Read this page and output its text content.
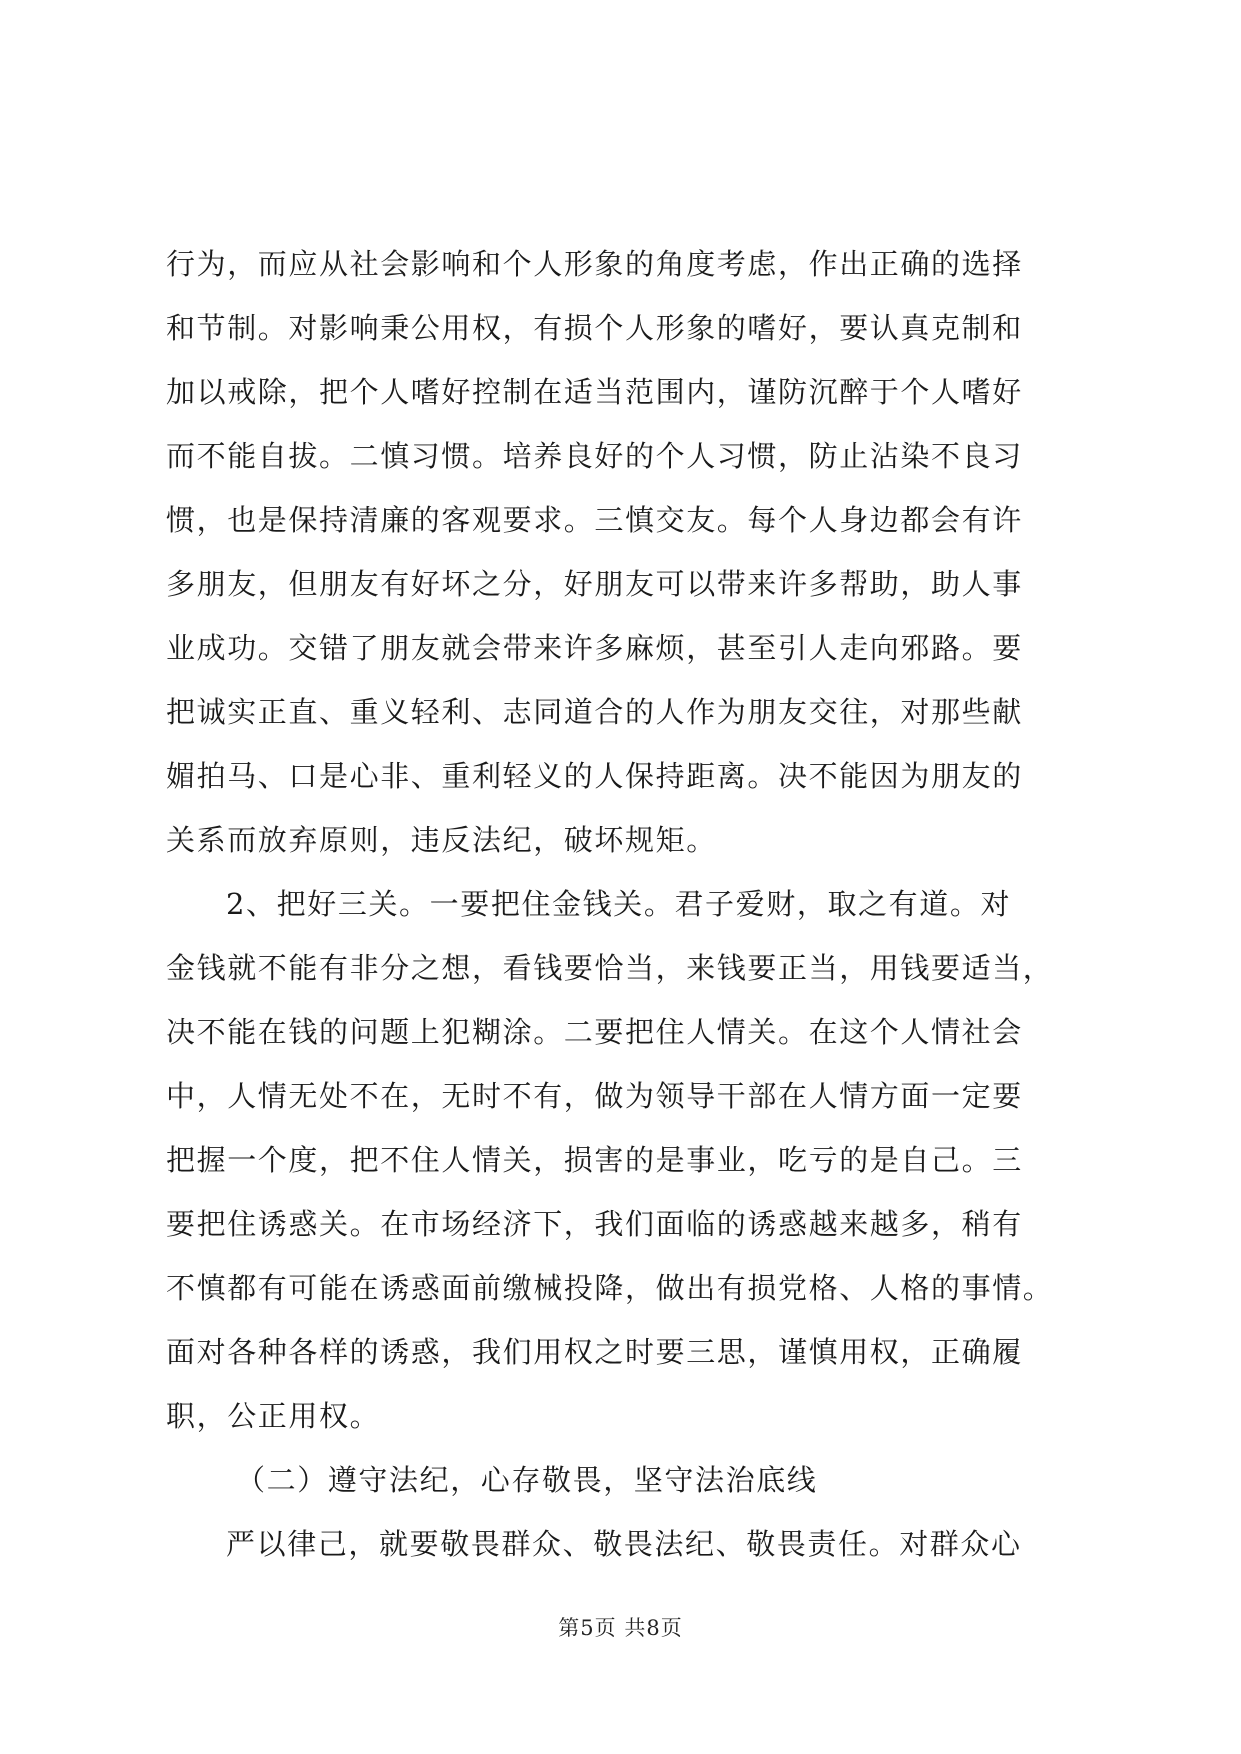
行为，而应从社会影响和个人形象的角度考虑，作出正确的选择
和节制。对影响秉公用权，有损个人形象的嗜好，要认真克制和
加以戒除，把个人嗜好控制在适当范围内，谨防沉醉于个人嗜好
而不能自拔。二慎习惯。培养良好的个人习惯，防止沾染不良习
惯，也是保持清廉的客观要求。三慎交友。每个人身边都会有许
多朋友，但朋友有好坏之分，好朋友可以带来许多帮助，助人事
业成功。交错了朋友就会带来许多麻烦，甚至引人走向邪路。要
把诚实正直、重义轻利、志同道合的人作为朋友交往，对那些献
媚拍马、口是心非、重利轻义的人保持距离。决不能因为朋友的
关系而放弃原则，违反法纪，破坏规矩。
2、把好三关。一要把住金钱关。君子爱财，取之有道。对
金钱就不能有非分之想，看钱要恰当，来钱要正当，用钱要适当，
决不能在钱的问题上犯糊涂。二要把住人情关。在这个人情社会
中，人情无处不在，无时不有，做为领导干部在人情方面一定要
把握一个度，把不住人情关，损害的是事业，吃亏的是自己。三
要把住诱惑关。在市场经济下，我们面临的诱惑越来越多，稍有
不慎都有可能在诱惑面前缴械投降，做出有损党格、人格的事情。
面对各种各样的诱惑，我们用权之时要三思，谨慎用权，正确履
职，公正用权。
（二）遵守法纪，心存敬畏，坚守法治底线
严以律己，就要敬畏群众、敬畏法纪、敬畏责任。对群众心
第5页 共8页
